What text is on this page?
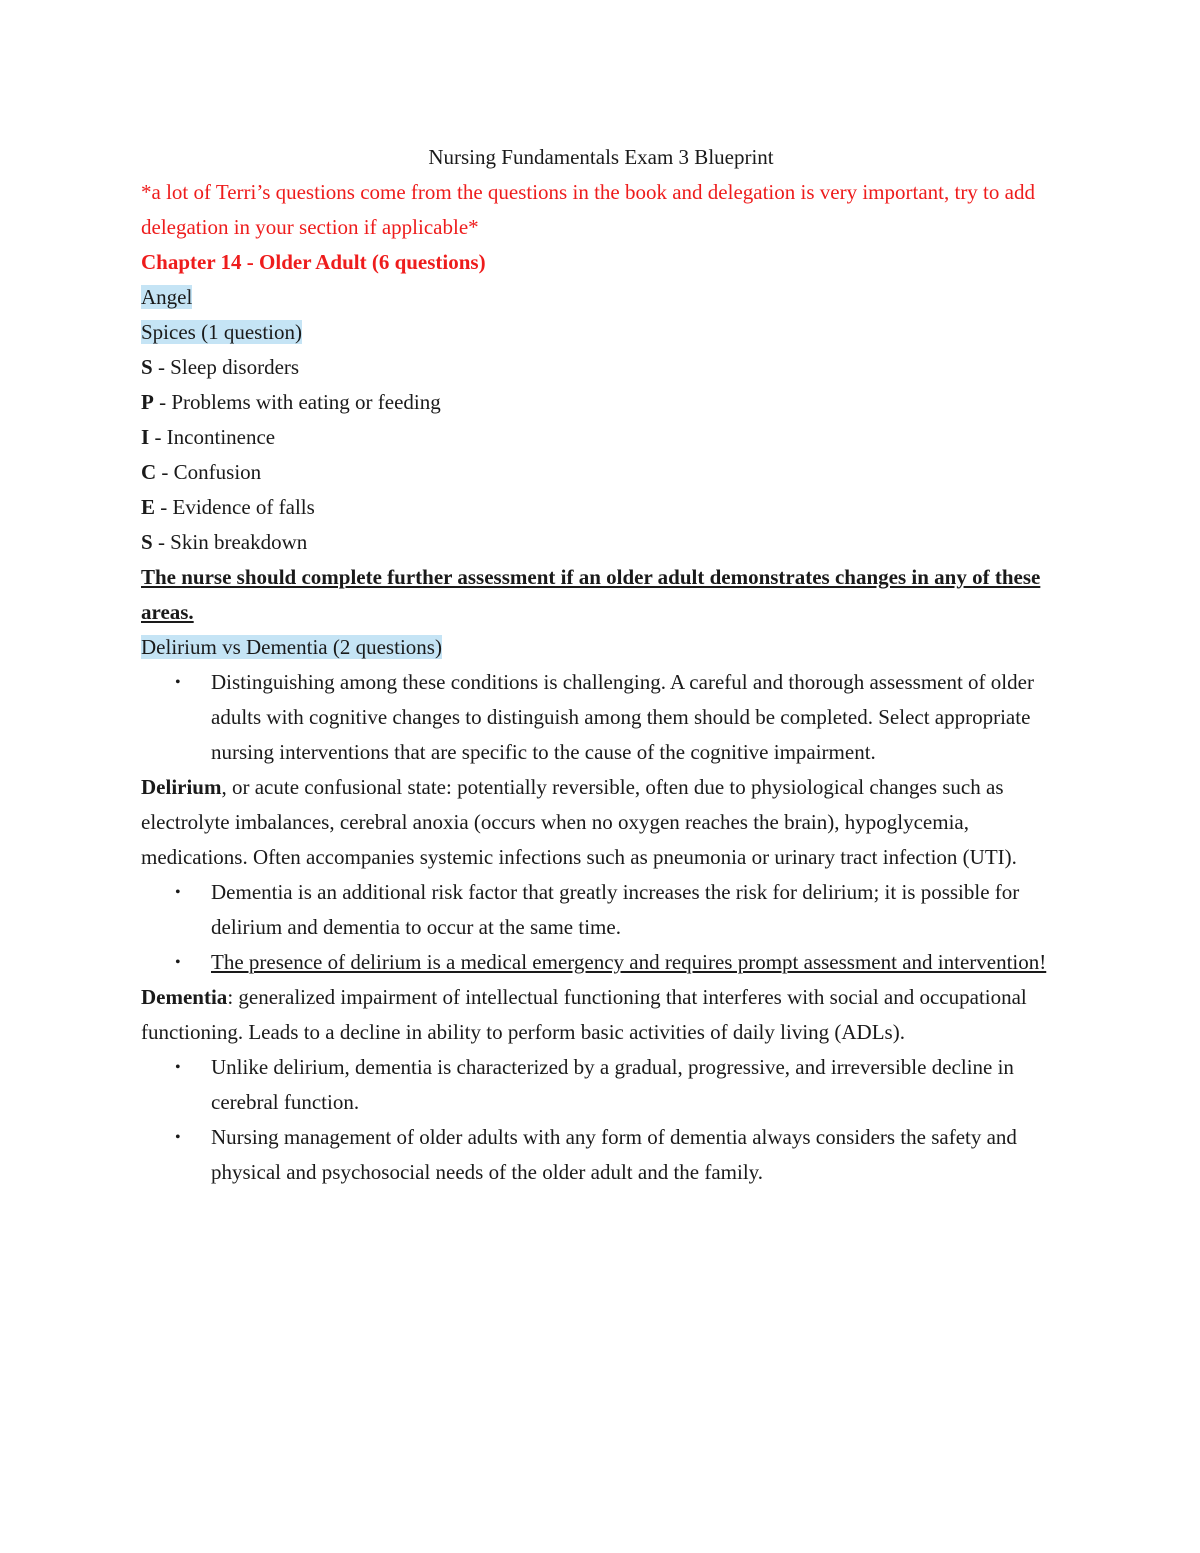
Nursing Fundamentals Exam 3 Blueprint
*a lot of Terri’s questions come from the questions in the book and delegation is very important, try to add delegation in your section if applicable*
Chapter 14 - Older Adult (6 questions)
Angel
Spices (1 question)
S - Sleep disorders
P - Problems with eating or feeding
I - Incontinence
C - Confusion
E - Evidence of falls
S - Skin breakdown
The nurse should complete further assessment if an older adult demonstrates changes in any of these areas.
Delirium vs Dementia (2 questions)
• Distinguishing among these conditions is challenging. A careful and thorough assessment of older adults with cognitive changes to distinguish among them should be completed. Select appropriate nursing interventions that are specific to the cause of the cognitive impairment.
Delirium, or acute confusional state: potentially reversible, often due to physiological changes such as electrolyte imbalances, cerebral anoxia (occurs when no oxygen reaches the brain), hypoglycemia, medications. Often accompanies systemic infections such as pneumonia or urinary tract infection (UTI).
• Dementia is an additional risk factor that greatly increases the risk for delirium; it is possible for delirium and dementia to occur at the same time.
• The presence of delirium is a medical emergency and requires prompt assessment and intervention!
Dementia: generalized impairment of intellectual functioning that interferes with social and occupational functioning. Leads to a decline in ability to perform basic activities of daily living (ADLs).
• Unlike delirium, dementia is characterized by a gradual, progressive, and irreversible decline in cerebral function.
• Nursing management of older adults with any form of dementia always considers the safety and physical and psychosocial needs of the older adult and the family.
